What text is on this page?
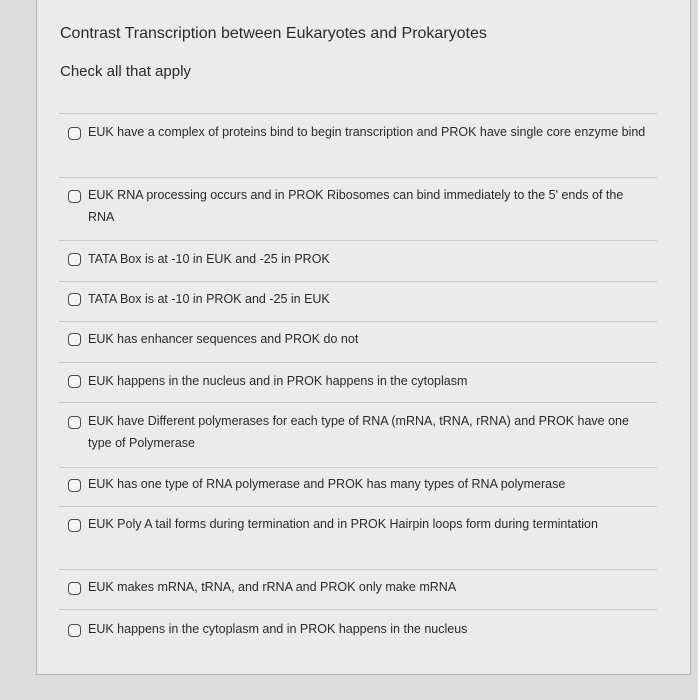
Contrast Transcription between Eukaryotes and Prokaryotes
Check all that apply
EUK have a complex of proteins bind to begin transcription and PROK have single core enzyme bind
EUK RNA processing occurs and in PROK Ribosomes can bind immediately to the 5' ends of the RNA
TATA Box is at -10 in EUK and -25 in PROK
TATA Box is at -10 in PROK and -25 in EUK
EUK has enhancer sequences and PROK do not
EUK happens in the nucleus and in PROK happens in the cytoplasm
EUK have Different polymerases for each type of RNA (mRNA, tRNA, rRNA) and PROK have one type of Polymerase
EUK has one type of RNA polymerase and PROK has many types of RNA polymerase
EUK Poly A tail forms during termination and in PROK Hairpin loops form during termintation
EUK makes mRNA, tRNA, and rRNA and PROK only make mRNA
EUK happens in the cytoplasm and in PROK happens in the nucleus
